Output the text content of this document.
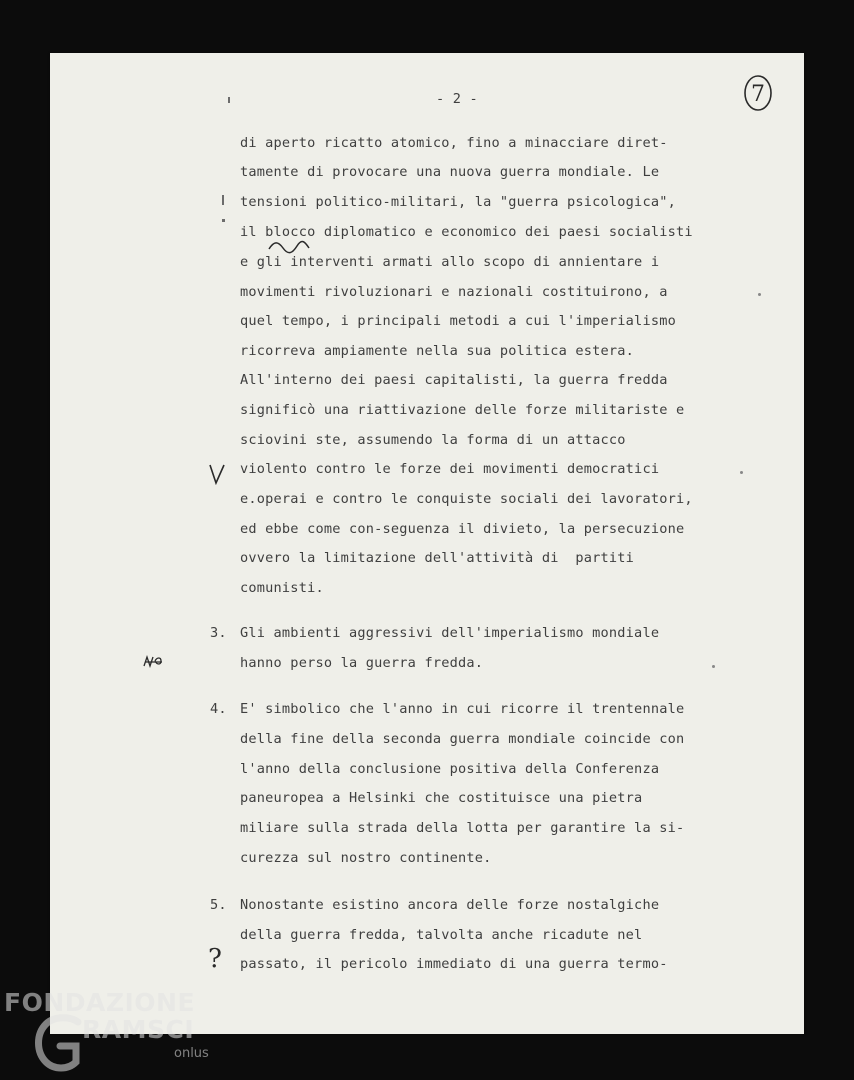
- 2 -	7
?
di aperto ricatto atomico, fino a minacciare diret-
tamente di provocare una nuova guerra mondiale. Le
tensioni politico-militari, la "guerra psicologica",
il blocco diplomatico e economico dei paesi socialisti
e gli interventi armati allo scopo di annientare i
movimenti rivoluzionari e nazionali costituirono, a
quel tempo, i principali metodi a cui l'imperialismo
ricorreva ampiamente nella sua politica estera.
All'interno dei paesi capitalisti, la guerra fredda
significò una riattivazione delle forze militariste e
sciovini ste, assumendo la forma di un attacco
violento contro le forze dei movimenti democratici
e.operai e contro le conquiste sociali dei lavoratori,
ed ebbe come con-seguenza il divieto, la persecuzione
ovvero la limitazione dell'attività di  partiti
comunisti.
3. Gli ambienti aggressivi dell'imperialismo mondiale
hanno perso la guerra fredda.
4. E' simbolico che l'anno in cui ricorre il trentennale
della fine della seconda guerra mondiale coincide con
l'anno della conclusione positiva della Conferenza
paneuropea a Helsinki che costituisce una pietra
miliare sulla strada della lotta per garantire la si-
curezza sul nostro continente.
5. Nonostante esistino ancora delle forze nostalgiche
della guerra fredda, talvolta anche ricadute nel
passato, il pericolo immediato di una guerra termo-
FONDAZIONE
RAMSCI
onlus
